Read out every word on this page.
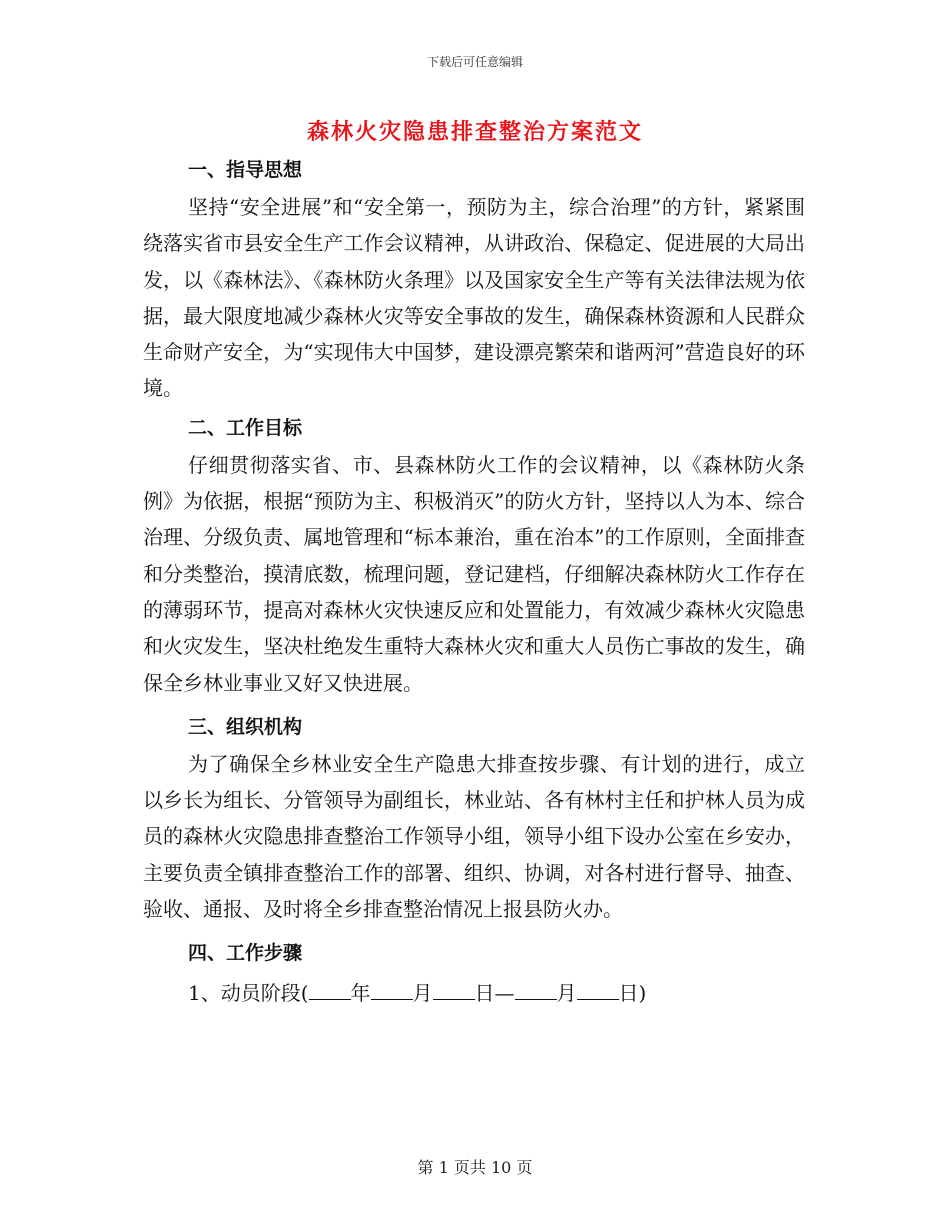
下载后可任意编辑
森林火灾隐患排查整治方案范文
一、指导思想

坚持“安全进展”和“安全第一，预防为主，综合治理”的方针，紧紧围绕落实省市县安全生产工作会议精神，从讲政治、保稳定、促进展的大局出发，以《森林法》、《森林防火条理》以及国家安全生产等有关法律法规为依据，最大限度地减少森林火灾等安全事故的发生，确保森林资源和人民群众生命财产安全，为“实现伟大中国梦，建设漂亮繁荣和谐两河”营造良好的环境。

二、工作目标

仔细贯彻落实省、市、县森林防火工作的会议精神，以《森林防火条例》为依据，根据“预防为主、积极消灭”的防火方针，坚持以人为本、综合治理、分级负责、属地管理和“标本兼治，重在治本”的工作原则，全面排查和分类整治，摸清底数，梳理问题，登记建档，仔细解决森林防火工作存在的薄弱环节，提高对森林火灾快速反应和处置能力，有效减少森林火灾隐患和火灾发生，坚决杜绝发生重特大森林火灾和重大人员伤亡事故的发生，确保全乡林业事业又好又快进展。

三、组织机构

为了确保全乡林业安全生产隐患大排查按步骤、有计划的进行，成立以乡长为组长、分管领导为副组长，林业站、各有林村主任和护林人员为成员的森林火灾隐患排查整治工作领导小组，领导小组下设办公室在乡安办，主要负责全镇排查整治工作的部署、组织、协调，对各村进行督导、抽查、验收、通报、及时将全乡排查整治情况上报县防火办。

四、工作步骤
1、动员阶段( 年 月 日— 月 日)
第 1 页共 10 页
